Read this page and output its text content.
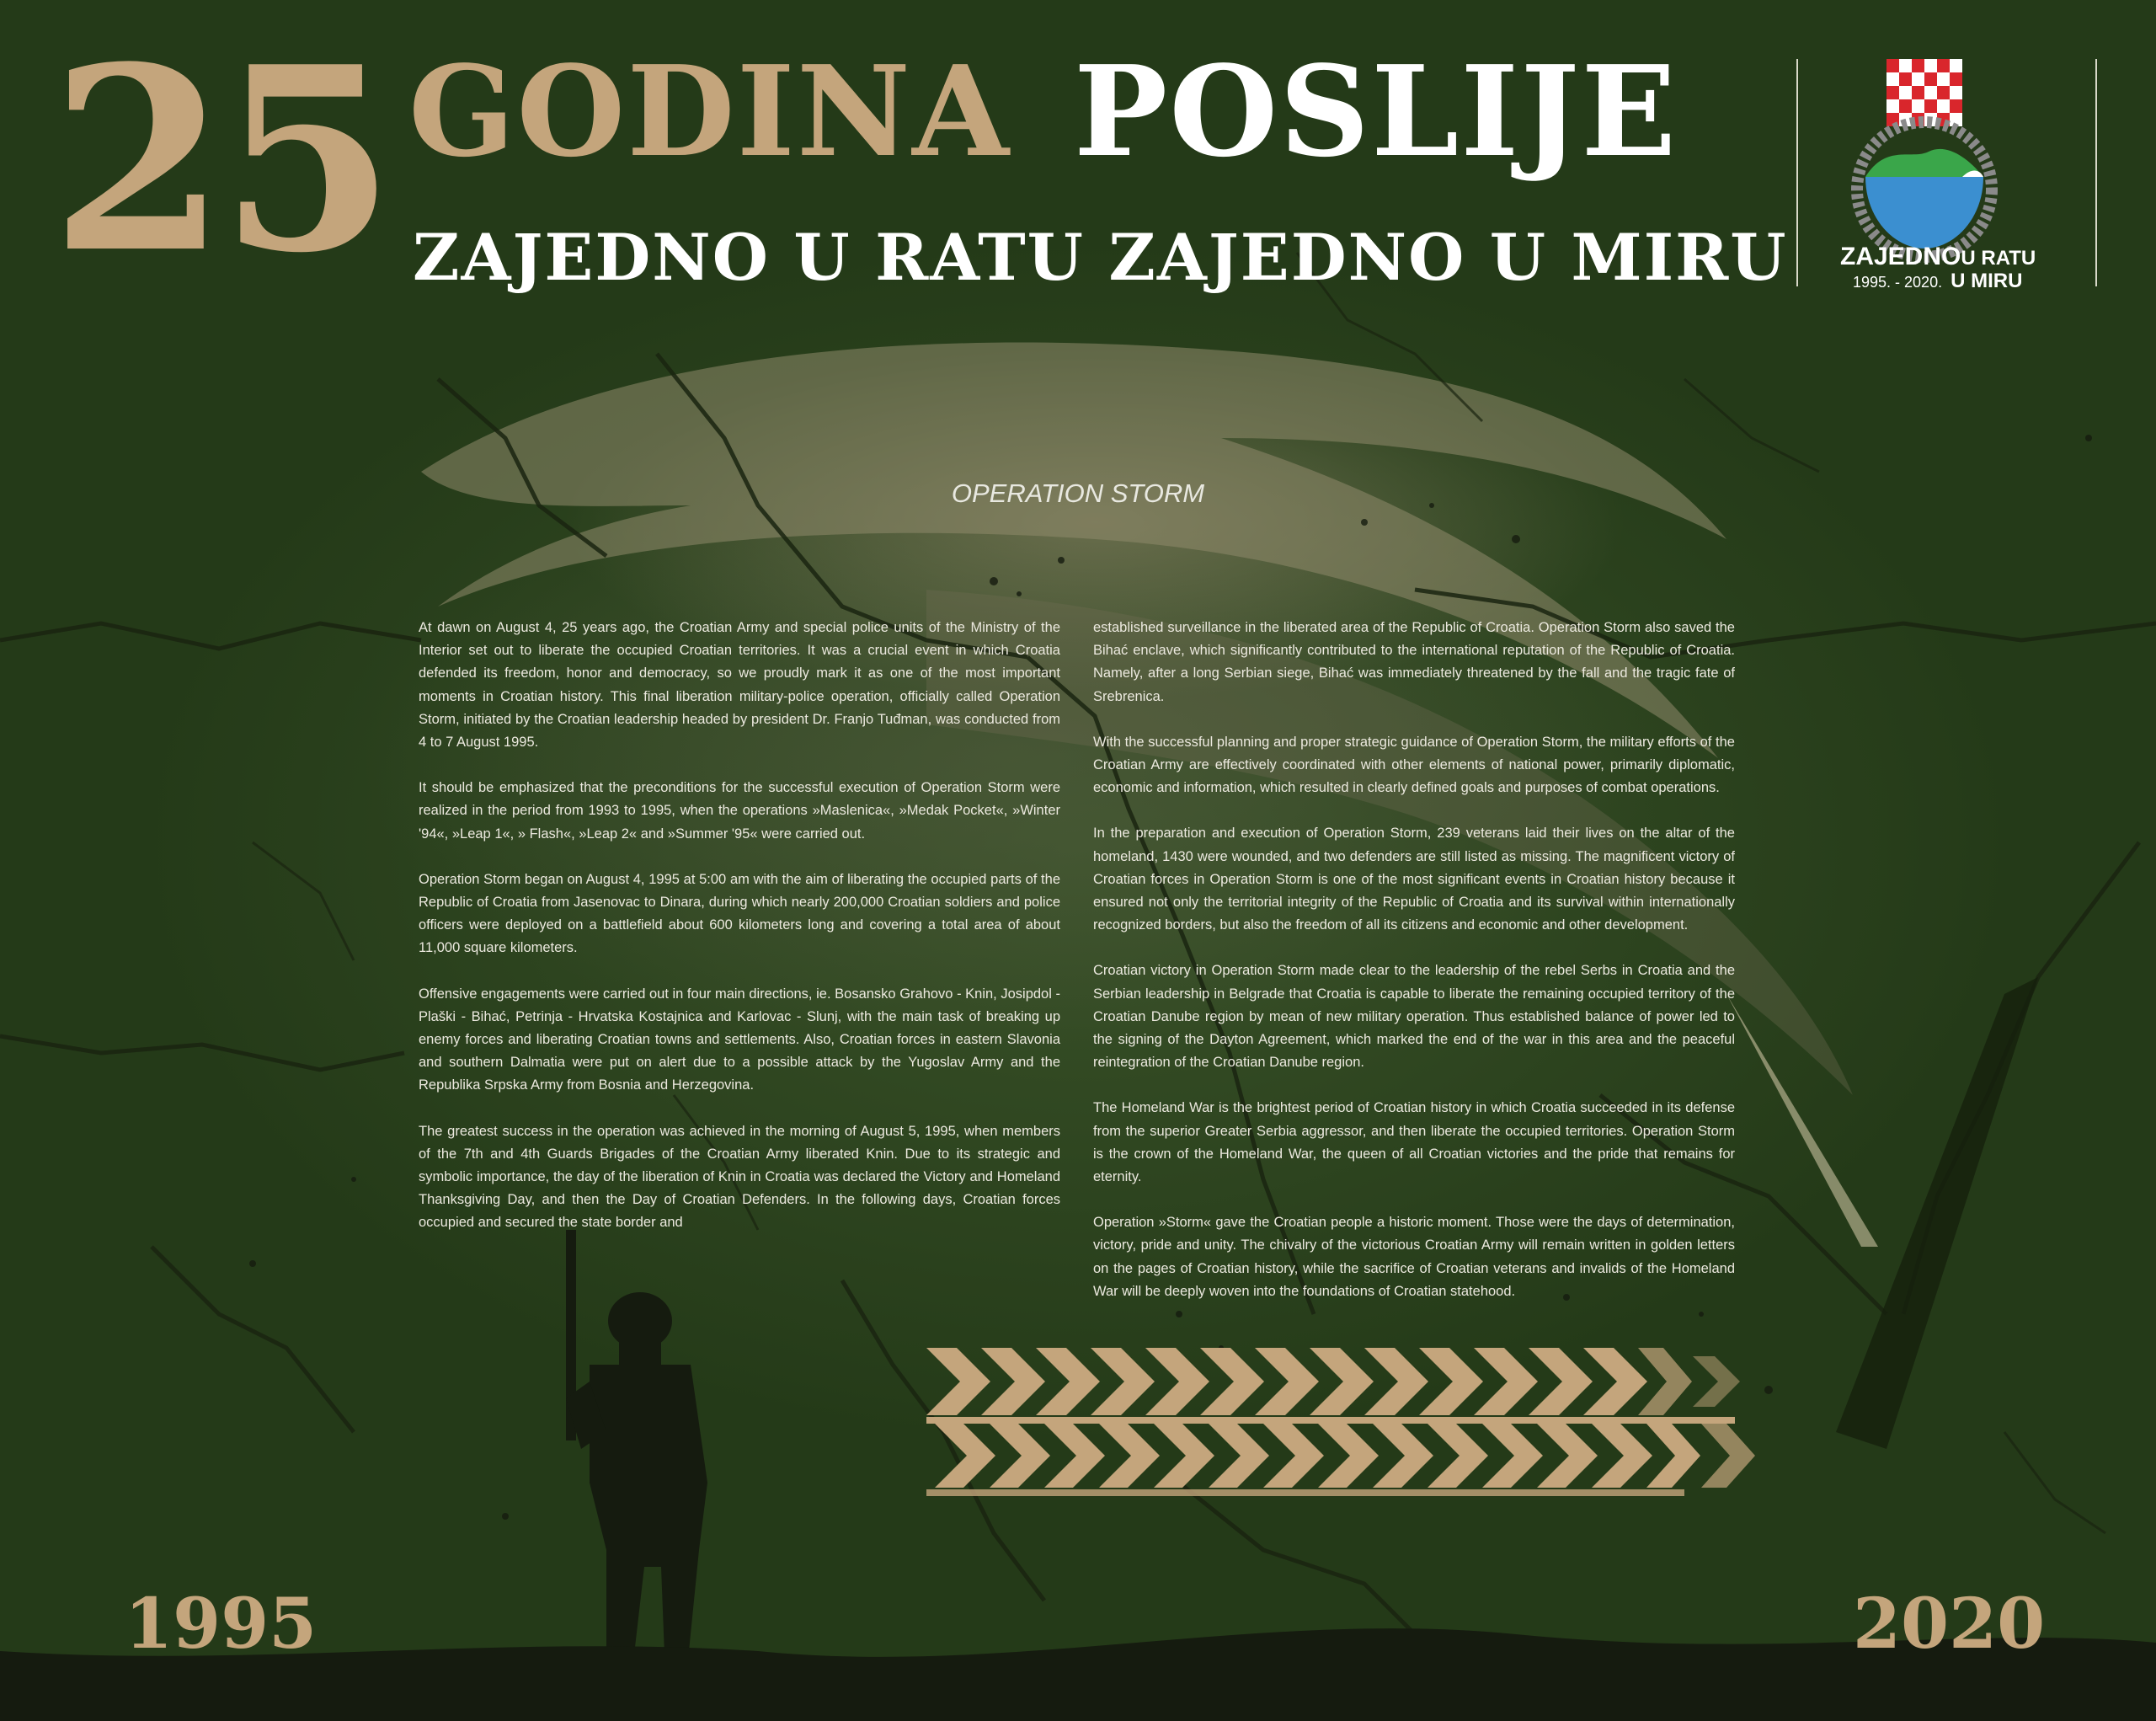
25 GODINA POSLIJE
ZAJEDNO U RATU ZAJEDNO U MIRU ZAJEDNOU RATU
1995. - 2020. U MIRU
OPERATION STORM

At dawn on August 4, 25 years ago, the Croatian Army and special police units of the Ministry of the Interior set out to liberate the occupied Croatian territories. It was a crucial event in which Croatia defended its freedom, honor and democracy, so we proudly mark it as one of the most important moments in Croatian history. This final liberation military-police operation, officially called Operation Storm, initiated by the Croatian leadership headed by president Dr. Franjo Tuđman, was conducted from 4 to 7 August 1995.

It should be emphasized that the preconditions for the successful execution of Operation Storm were realized in the period from 1993 to 1995, when the operations »Maslenica«, »Medak Pocket«, »Winter '94«, »Leap 1«, » Flash«, »Leap 2« and »Summer '95« were carried out.

Operation Storm began on August 4, 1995 at 5:00 am with the aim of liberating the occupied parts of the Republic of Croatia from Jasenovac to Dinara, during which nearly 200,000 Croatian soldiers and police officers were deployed on a battlefield about 600 kilometers long and covering a total area of about 11,000 square kilometers.

Offensive engagements were carried out in four main directions, ie. Bosansko Grahovo - Knin, Josipdol - Plaški - Bihać, Petrinja - Hrvatska Kostajnica and Karlovac - Slunj, with the main task of breaking up enemy forces and liberating Croatian towns and settlements. Also, Croatian forces in eastern Slavonia and southern Dalmatia were put on alert due to a possible attack by the Yugoslav Army and the Republika Srpska Army from Bosnia and Herzegovina.

The greatest success in the operation was achieved in the morning of August 5, 1995, when members of the 7th and 4th Guards Brigades of the Croatian Army liberated Knin. Due to its strategic and symbolic importance, the day of the liberation of Knin in Croatia was declared the Victory and Homeland Thanksgiving Day, and then the Day of Croatian Defenders. In the following days, Croatian forces occupied and secured the state border and

established surveillance in the liberated area of the Republic of Croatia. Operation Storm also saved the Bihać enclave, which significantly contributed to the international reputation of the Republic of Croatia. Namely, after a long Serbian siege, Bihać was immediately threatened by the fall and the tragic fate of Srebrenica.

With the successful planning and proper strategic guidance of Operation Storm, the military efforts of the Croatian Army are effectively coordinated with other elements of national power, primarily diplomatic, economic and information, which resulted in clearly defined goals and purposes of combat operations.

In the preparation and execution of Operation Storm, 239 veterans laid their lives on the altar of the homeland, 1430 were wounded, and two defenders are still listed as missing. The magnificent victory of Croatian forces in Operation Storm is one of the most significant events in Croatian history because it ensured not only the territorial integrity of the Republic of Croatia and its survival within internationally recognized borders, but also the freedom of all its citizens and economic and other development.

Croatian victory in Operation Storm made clear to the leadership of the rebel Serbs in Croatia and the Serbian leadership in Belgrade that Croatia is capable to liberate the remaining occupied territory of the Croatian Danube region by mean of new military operation. Thus established balance of power led to the signing of the Dayton Agreement, which marked the end of the war in this area and the peaceful reintegration of the Croatian Danube region.

The Homeland War is the brightest period of Croatian history in which Croatia succeeded in its defense from the superior Greater Serbia aggressor, and then liberate the occupied territories. Operation Storm is the crown of the Homeland War, the queen of all Croatian victories and the pride that remains for eternity.

Operation »Storm« gave the Croatian people a historic moment. Those were the days of determination, victory, pride and unity. The chivalry of the victorious Croatian Army will remain written in golden letters on the pages of Croatian history, while the sacrifice of Croatian veterans and invalids of the Homeland War will be deeply woven into the foundations of Croatian statehood.

1995	2020
